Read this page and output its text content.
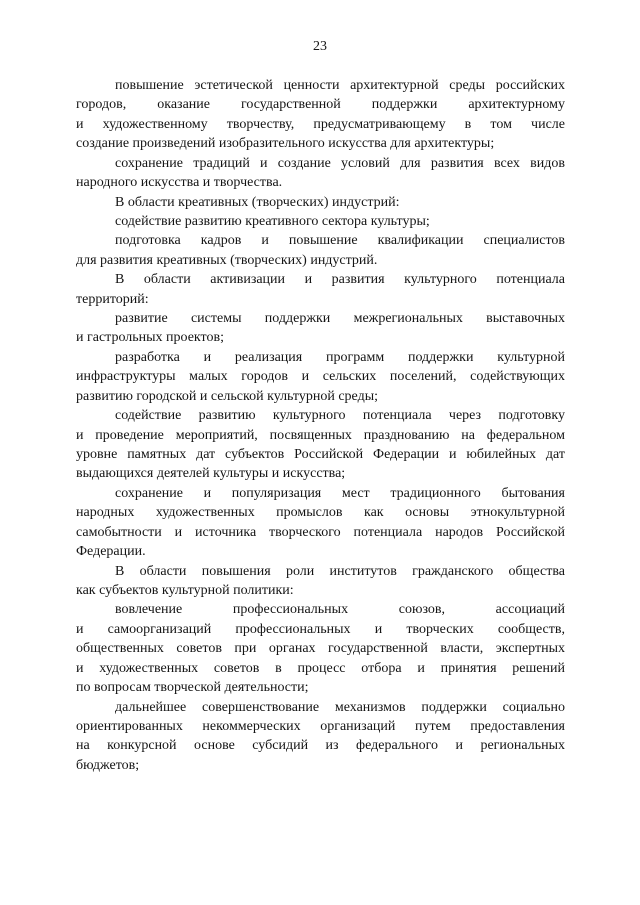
23
повышение эстетической ценности архитектурной среды российских
городов, оказание государственной поддержки архитектурному
и художественному творчеству, предусматривающему в том числе
создание произведений изобразительного искусства для архитектуры;
сохранение традиций и создание условий для развития всех видов
народного искусства и творчества.
В области креативных (творческих) индустрий:
содействие развитию креативного сектора культуры;
подготовка кадров и повышение квалификации специалистов
для развития креативных (творческих) индустрий.
В области активизации и развития культурного потенциала
территорий:
развитие системы поддержки межрегиональных выставочных
и гастрольных проектов;
разработка и реализация программ поддержки культурной
инфраструктуры малых городов и сельских поселений, содействующих
развитию городской и сельской культурной среды;
содействие развитию культурного потенциала через подготовку
и проведение мероприятий, посвященных празднованию на федеральном
уровне памятных дат субъектов Российской Федерации и юбилейных дат
выдающихся деятелей культуры и искусства;
сохранение и популяризация мест традиционного бытования
народных художественных промыслов как основы этнокультурной
самобытности и источника творческого потенциала народов Российской
Федерации.
В области повышения роли институтов гражданского общества
как субъектов культурной политики:
вовлечение профессиональных союзов, ассоциаций
и самоорганизаций профессиональных и творческих сообществ,
общественных советов при органах государственной власти, экспертных
и художественных советов в процесс отбора и принятия решений
по вопросам творческой деятельности;
дальнейшее совершенствование механизмов поддержки социально
ориентированных некоммерческих организаций путем предоставления
на конкурсной основе субсидий из федерального и региональных
бюджетов;
